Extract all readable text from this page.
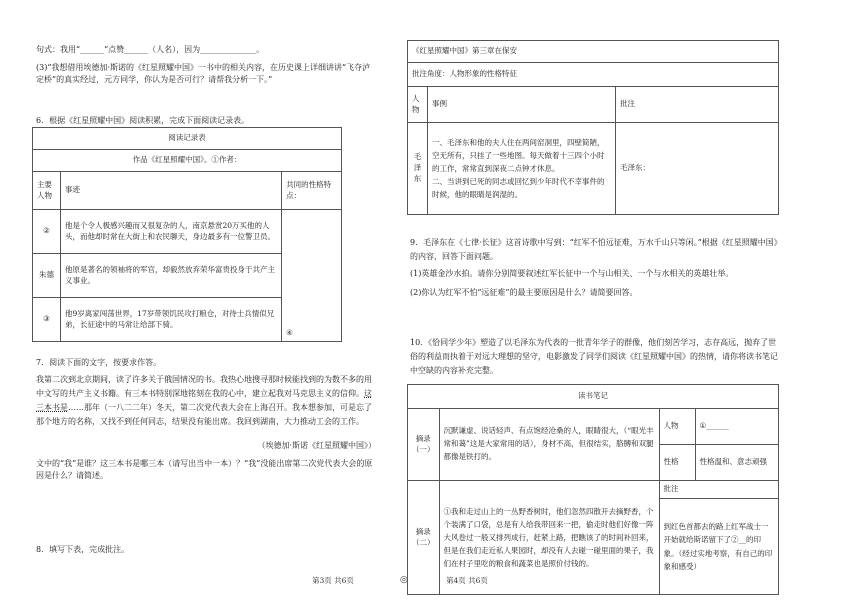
句式：我用“______”点赞______（人名），因为______________。
(3)“我想借用埃德加·斯诺的《红星照耀中国》一书中的相关内容，在历史课上详细讲讲“飞夺泸定桥”的真实经过，元方同学，你认为是否可行？请帮我分析一下。”
6．根据《红星照耀中国》阅读积累，完成下面阅读记录表。
阅读记录表		
作品《红星照耀中国》。①作者：		
主要人物	事迹	共同的性格特点：
②	他是个令人极感兴趣而又很复杂的人，南京悬赏20万买他的人头，而他却时常在大街上和农民聊天，身边最多有一位警卫员。	④
朱德	他原是著名的领袖将的军官，却毅然放弃荣华富贵投身于共产主义事业。	
③	他9岁离家闯荡世界，17岁带领饥民攻打粮仓，对待士兵情似兄弟，长征途中的马常让给部下骑。	
7．阅读下面的文字，按要求作答。
我第二次到北京期间，读了许多关于俄国情况的书。我热心地搜寻那时候能找到的为数不多的用中文写的共产主义书籍。有三本书特别深地铭刻在我的心中，建立起我对马克思主义的信仰。这三本书是……那年（一八二二年）冬天，第二次党代表大会在上海召开。我本想参加，可是忘了那个地方的名称，又找不到任何同志，结果没有能出席。我回到湖南，大力推动工会的工作。
（埃德加·斯诺《红星照耀中国》）
文中的“我”是谁？这三本书是哪三本（请写出当中一本）？“我”没能出席第二次党代表大会的原因是什么？请简述。
8．填写下表，完成批注。
第3页 共6页	◎	第4页 共6页
《红星照耀中国》第三章在保安		
批注角度：人物形象的性格特征		
人物	事例	批注
毛泽东	一、毛泽东和他的夫人住在两间窑洞里，四壁简陋，空无所有，只挂了一些地图。每天做着十三四个小时的工作，常常直到深夜二点钟才休息。
二、当讲到已死的同志或回忆到少年时代不幸事件的时候，他的眼睛是润湿的。	毛泽东：
9．毛泽东在《七律·长征》这首诗歌中写到：“红军不怕远征难，万水千山只等闲。”根据《红星照耀中国》的内容，回答下面问题。
(1)英雄金沙水拍。请你分别简要叙述红军长征中一个与山相关、一个与水相关的英雄壮举。
(2)你认为红军不怕“远征难”的最主要原因是什么？请简要回答。
10．《恰同学少年》塑造了以毛泽东为代表的一批青年学子的群像，他们刻苦学习，志存高远，抛弃了世俗的利益而执着于对远大理想的坚守，电影激发了同学们阅读《红星照耀中国》的热情，请你将读书笔记中空缺的内容补充完整。
读书笔记			
摘录（一）	沉默谦虚、说话轻声、有点饱经沧桑的人，眼睛很大，（“眼光丰常和蔼”这是大家常用的话），身材不高，但很结实，胳膊和双腿都像是铁打的。	人物	①______
		性格	性格温和、意志顽强
摘录（二）	①我和走过山上的一丛野香树时，他们忽然四散开去摘野香，个个装满了口袋，总是有人给我带回来一把，偷走时他们好像一阵大风卷过一般又排列成行，赶紧上路，把瞧该了的时间补回来，但是在我们走近私人果园时，却没有人去碰一碰里面的果子，我们在村子里吃的粮食和蔬菜也是照价付钱的。	批注	
		到红色首都去的路上红军战士一开始就给斯诺留下了②__的印象。（经过实地考察，有自己的印象和感受）	
